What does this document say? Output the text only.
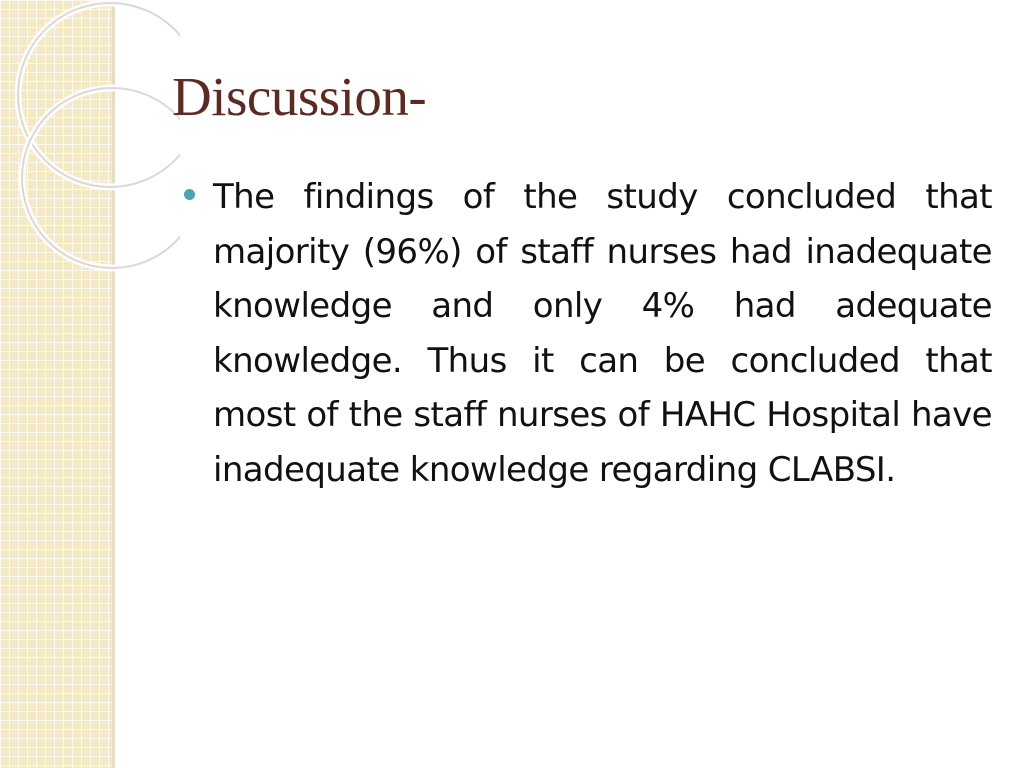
Discussion-

The findings of the study concluded that majority (96%) of staff nurses had inadequate knowledge and only 4% had adequate knowledge. Thus it can be concluded that most of the staff nurses of HAHC Hospital have inadequate knowledge regarding CLABSI.
